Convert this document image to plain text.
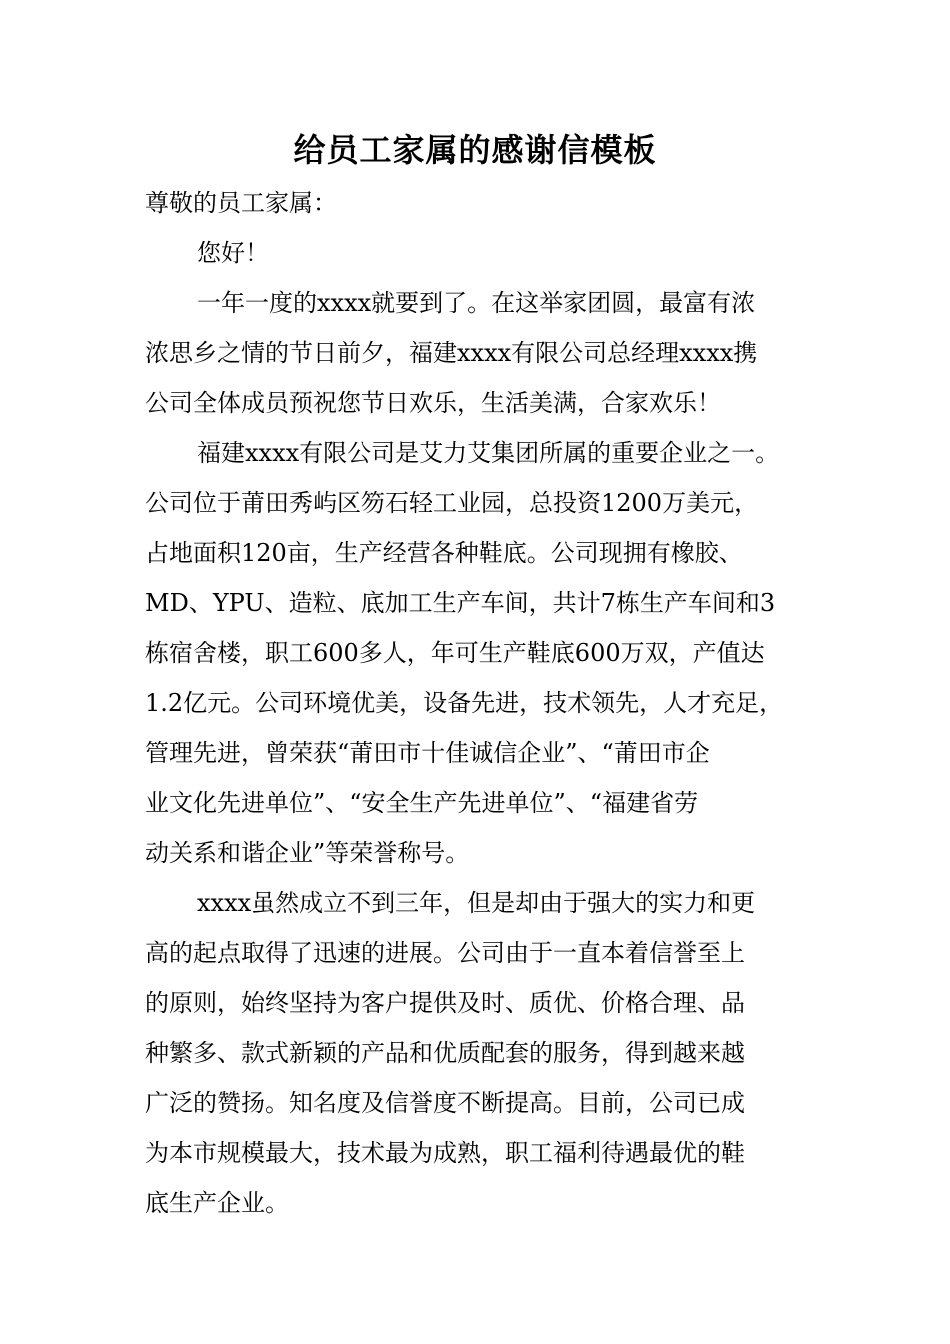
给员工家属的感谢信模板
尊敬的员工家属：
您好！
一年一度的xxxx就要到了。在这举家团圆，最富有浓
浓思乡之情的节日前夕，福建xxxx有限公司总经理xxxx携
公司全体成员预祝您节日欢乐，生活美满，合家欢乐！
福建xxxx有限公司是艾力艾集团所属的重要企业之一。
公司位于莆田秀屿区笏石轻工业园，总投资1200万美元，
占地面积120亩，生产经营各种鞋底。公司现拥有橡胶、
MD、YPU、造粒、底加工生产车间，共计7栋生产车间和3
栋宿舍楼，职工600多人，年可生产鞋底600万双，产值达
1.2亿元。公司环境优美，设备先进，技术领先，人才充足，
管理先进，曾荣获“莆田市十佳诚信企业”、“莆田市企
业文化先进单位”、“安全生产先进单位”、“福建省劳
动关系和谐企业”等荣誉称号。
xxxx虽然成立不到三年，但是却由于强大的实力和更
高的起点取得了迅速的进展。公司由于一直本着信誉至上
的原则，始终坚持为客户提供及时、质优、价格合理、品
种繁多、款式新颖的产品和优质配套的服务，得到越来越
广泛的赞扬。知名度及信誉度不断提高。目前，公司已成
为本市规模最大，技术最为成熟，职工福利待遇最优的鞋
底生产企业。
